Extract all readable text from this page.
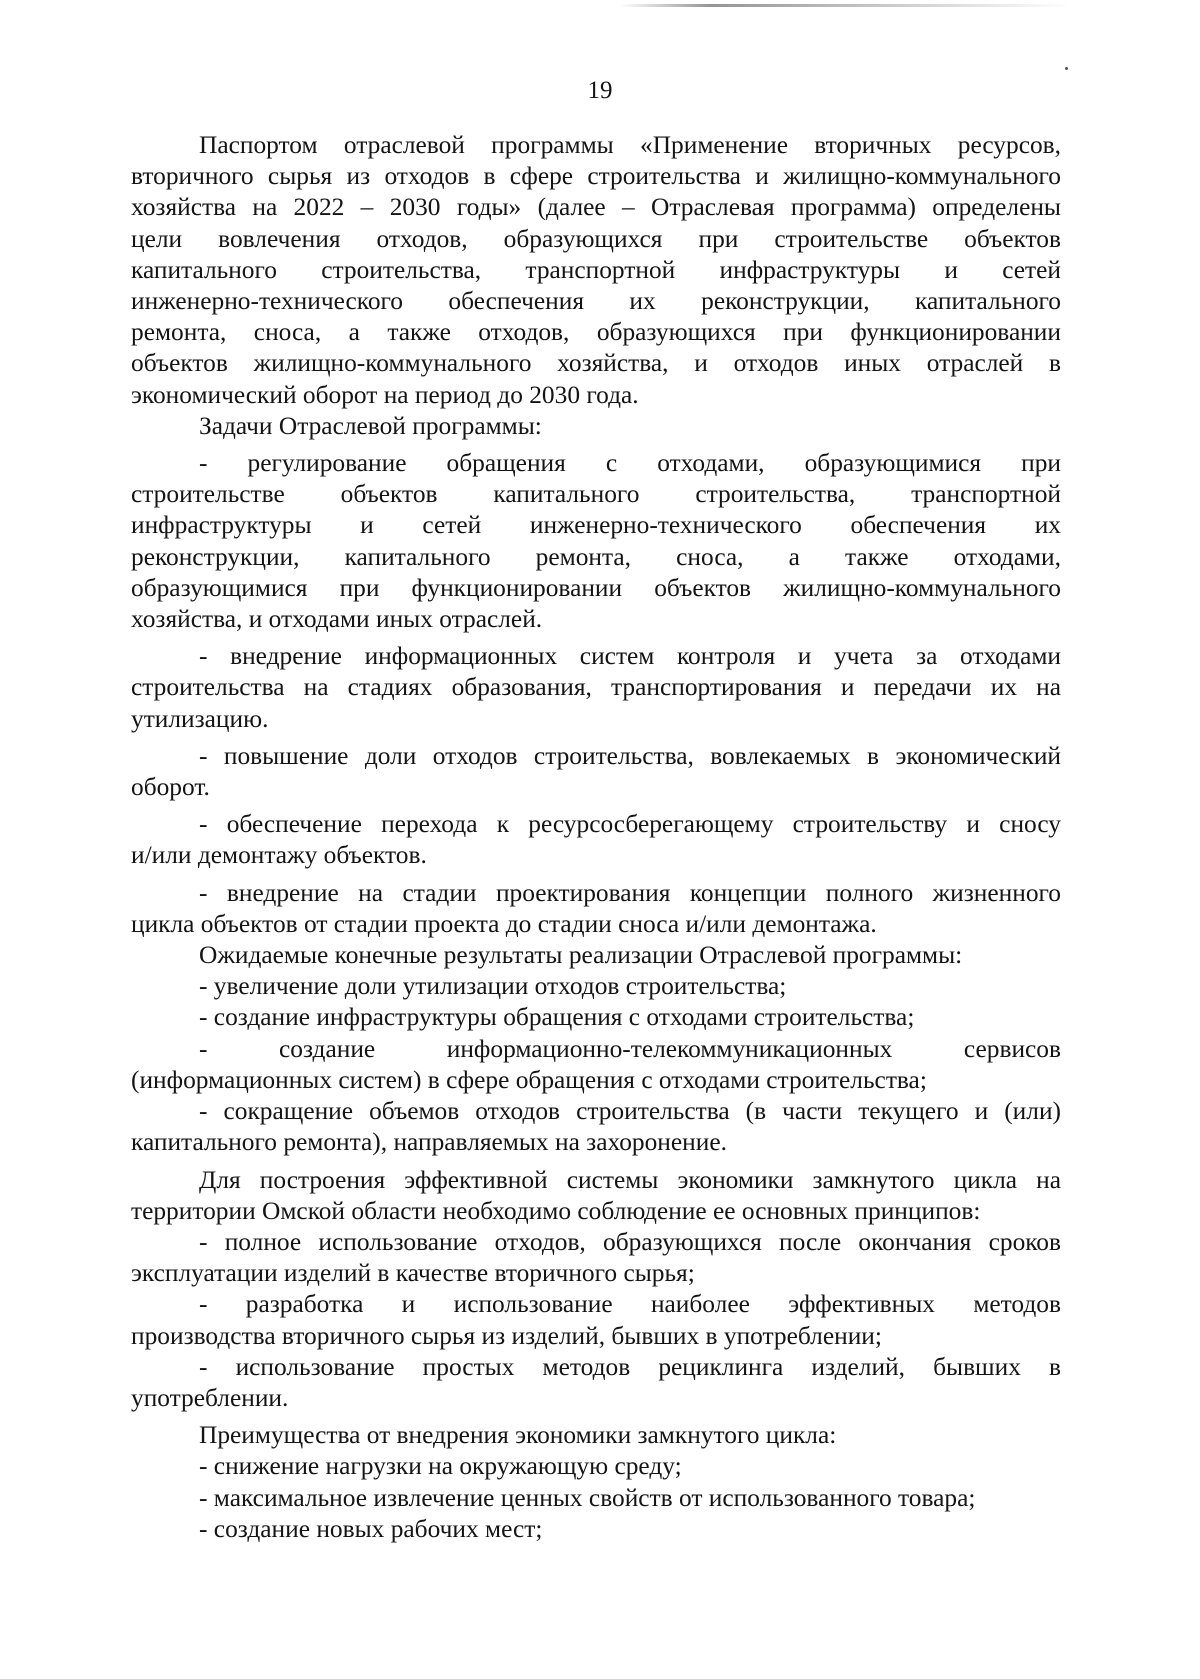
19

Паспортом отраслевой программы «Применение вторичных ресурсов,

вторичного сырья из отходов в сфере строительства и жилищно-коммунального

хозяйства на 2022 – 2030 годы» (далее – Отраслевая программа) определены

цели вовлечения отходов, образующихся при строительстве объектов

капитального строительства, транспортной инфраструктуры и сетей

инженерно-технического обеспечения их реконструкции, капитального

ремонта, сноса, а также отходов, образующихся при функционировании

объектов жилищно-коммунального хозяйства, и отходов иных отраслей в

экономический оборот на период до 2030 года.

Задачи Отраслевой программы:

- регулирование обращения с отходами, образующимися при

строительстве объектов капитального строительства, транспортной

инфраструктуры и сетей инженерно-технического обеспечения их

реконструкции, капитального ремонта, сноса, а также отходами,

образующимися при функционировании объектов жилищно-коммунального

хозяйства, и отходами иных отраслей.

- внедрение информационных систем контроля и учета за отходами

строительства на стадиях образования, транспортирования и передачи их на

утилизацию.

- повышение доли отходов строительства, вовлекаемых в экономический

оборот.

- обеспечение перехода к ресурсосберегающему строительству и сносу

и/или демонтажу объектов.

- внедрение на стадии проектирования концепции полного жизненного

цикла объектов от стадии проекта до стадии сноса и/или демонтажа.

Ожидаемые конечные результаты реализации Отраслевой программы:

- увеличение доли утилизации отходов строительства;

- создание инфраструктуры обращения с отходами строительства;

- создание информационно-телекоммуникационных сервисов

(информационных систем) в сфере обращения с отходами строительства;

- сокращение объемов отходов строительства (в части текущего и (или)

капитального ремонта), направляемых на захоронение.

Для построения эффективной системы экономики замкнутого цикла на

территории Омской области необходимо соблюдение ее основных принципов:

- полное использование отходов, образующихся после окончания сроков

эксплуатации изделий в качестве вторичного сырья;

- разработка и использование наиболее эффективных методов

производства вторичного сырья из изделий, бывших в употреблении;

- использование простых методов рециклинга изделий, бывших в

употреблении.

Преимущества от внедрения экономики замкнутого цикла:

- снижение нагрузки на окружающую среду;

- максимальное извлечение ценных свойств от использованного товара;

- создание новых рабочих мест;
